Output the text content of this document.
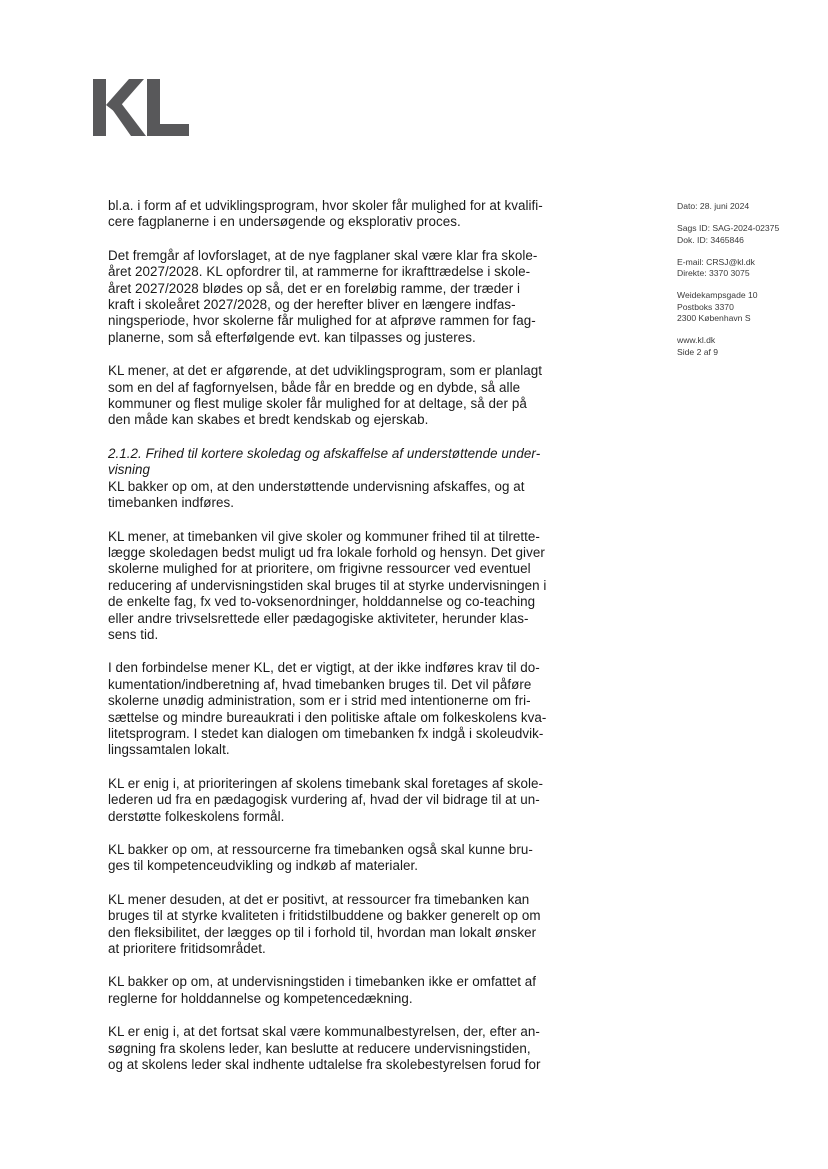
bl.a. i form af et udviklingsprogram, hvor skoler får mulighed for at kvalifi-
cere fagplanerne i en undersøgende og eksplorativ proces.

Det fremgår af lovforslaget, at de nye fagplaner skal være klar fra skole-
året 2027/2028. KL opfordrer til, at rammerne for ikrafttrædelse i skole-
året 2027/2028 blødes op så, det er en foreløbig ramme, der træder i
kraft i skoleåret 2027/2028, og der herefter bliver en længere indfas-
ningsperiode, hvor skolerne får mulighed for at afprøve rammen for fag-
planerne, som så efterfølgende evt. kan tilpasses og justeres.

KL mener, at det er afgørende, at det udviklingsprogram, som er planlagt
som en del af fagfornyelsen, både får en bredde og en dybde, så alle
kommuner og flest mulige skoler får mulighed for at deltage, så der på
den måde kan skabes et bredt kendskab og ejerskab.

2.1.2. Frihed til kortere skoledag og afskaffelse af understøttende under-
visning

KL bakker op om, at den understøttende undervisning afskaffes, og at
timebanken indføres.

KL mener, at timebanken vil give skoler og kommuner frihed til at tilrette-
lægge skoledagen bedst muligt ud fra lokale forhold og hensyn. Det giver
skolerne mulighed for at prioritere, om frigivne ressourcer ved eventuel
reducering af undervisningstiden skal bruges til at styrke undervisningen i
de enkelte fag, fx ved to-voksenordninger, holddannelse og co-teaching
eller andre trivselsrettede eller pædagogiske aktiviteter, herunder klas-
sens tid.

I den forbindelse mener KL, det er vigtigt, at der ikke indføres krav til do-
kumentation/indberetning af, hvad timebanken bruges til. Det vil påføre
skolerne unødig administration, som er i strid med intentionerne om fri-
sættelse og mindre bureaukrati i den politiske aftale om folkeskolens kva-
litetsprogram. I stedet kan dialogen om timebanken fx indgå i skoleudvik-
lingssamtalen lokalt.

KL er enig i, at prioriteringen af skolens timebank skal foretages af skole-
lederen ud fra en pædagogisk vurdering af, hvad der vil bidrage til at un-
derstøtte folkeskolens formål.

KL bakker op om, at ressourcerne fra timebanken også skal kunne bru-
ges til kompetenceudvikling og indkøb af materialer.

KL mener desuden, at det er positivt, at ressourcer fra timebanken kan
bruges til at styrke kvaliteten i fritidstilbuddene og bakker generelt op om
den fleksibilitet, der lægges op til i forhold til, hvordan man lokalt ønsker
at prioritere fritidsområdet.

KL bakker op om, at undervisningstiden i timebanken ikke er omfattet af
reglerne for holddannelse og kompetencedækning.

KL er enig i, at det fortsat skal være kommunalbestyrelsen, der, efter an-
søgning fra skolens leder, kan beslutte at reducere undervisningstiden,
og at skolens leder skal indhente udtalelse fra skolebestyrelsen forud for

Dato: 28. juni 2024
Sags ID: SAG-2024-02375
Dok. ID: 3465846
E-mail: CRSJ@kl.dk
Direkte: 3370 3075
Weidekampsgade 10
Postboks 3370
2300 København S
www.kl.dk
Side 2 af 9
